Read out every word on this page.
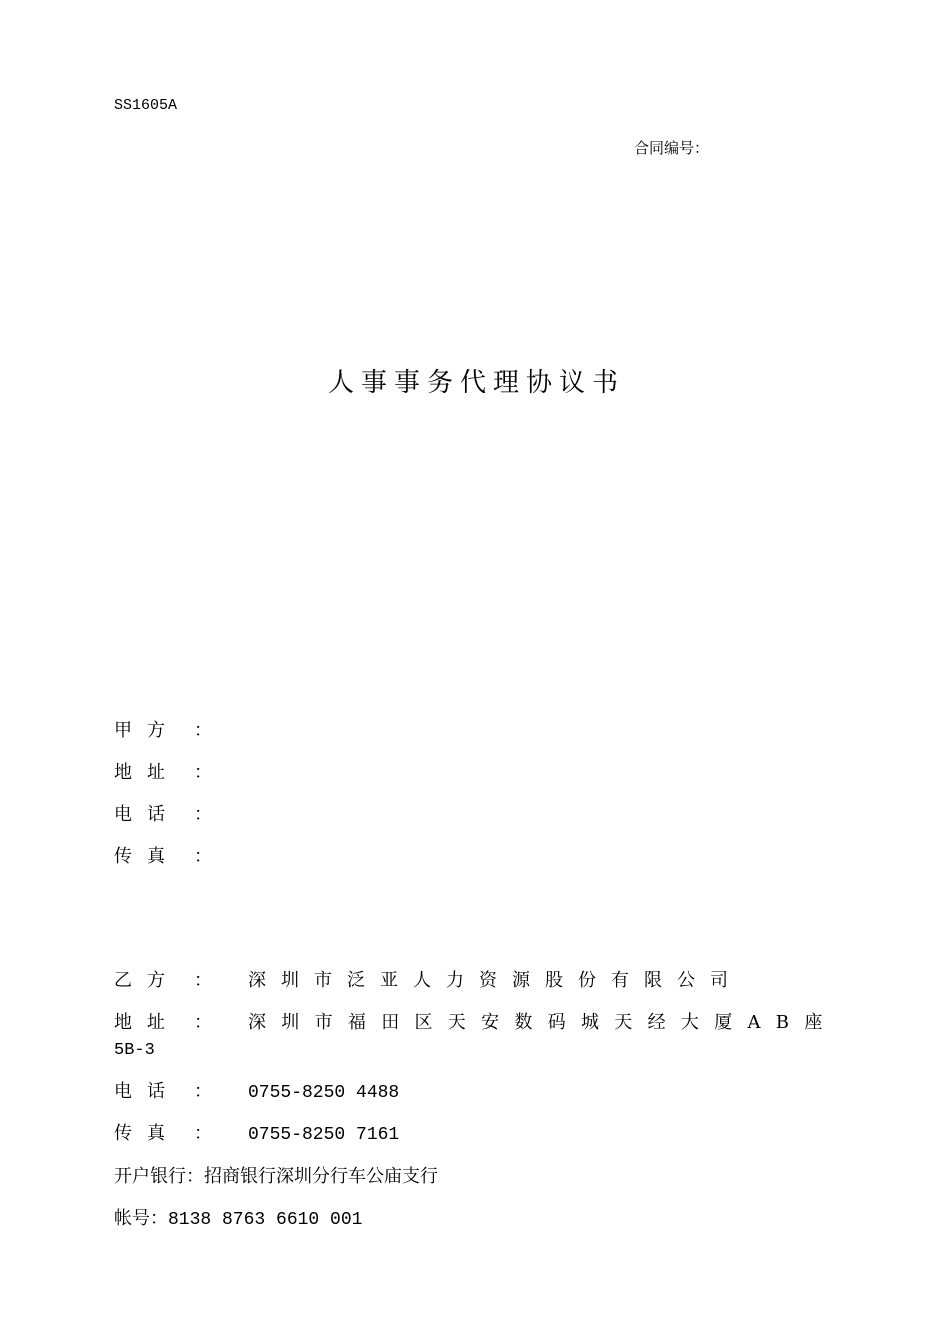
SS1605A
合同编号：
人事事务代理协议书
甲方 ：
地址 ：
电话 ：
传真 ：
乙方 ： 深圳市泛亚人力资源股份有限公司
地址 ： 深圳市福田区天安数码城天经大厦AB座
5B-3
电话 ： 0755-8250 4488
传真 ： 0755-8250 7161
开户银行：招商银行深圳分行车公庙支行
帐号：8138 8763 6610 001
